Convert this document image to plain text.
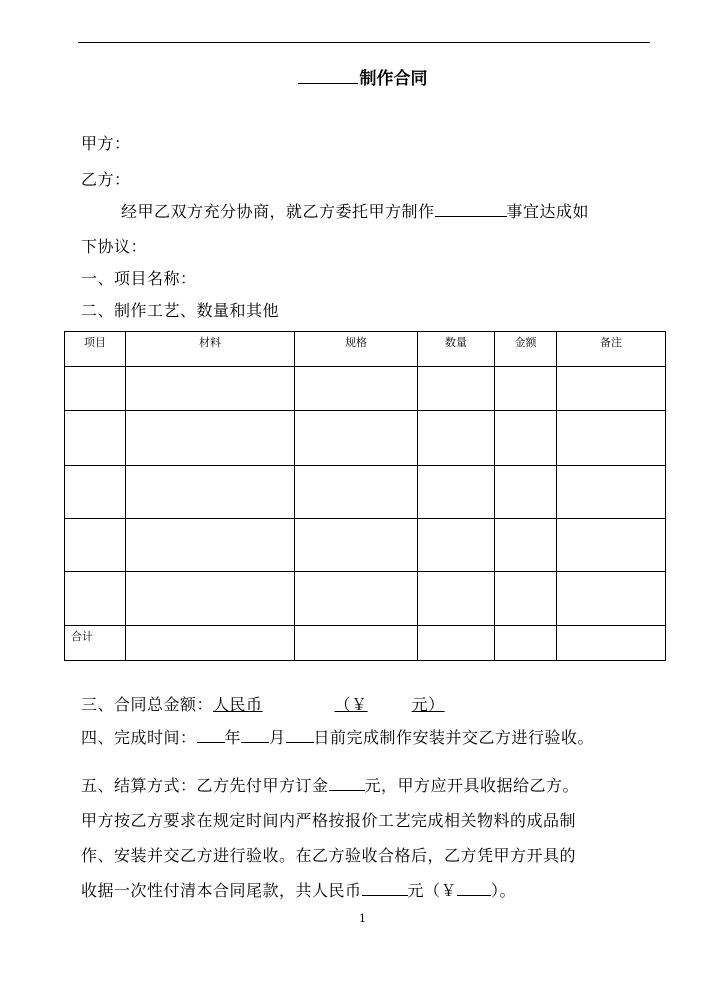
制作合同
甲方：
乙方：
经甲乙双方充分协商，就乙方委托甲方制作	事宜达成如
下协议：
一、项目名称：
二、制作工艺、数量和其他
项目	材料	规格	数量	金额	备注

合计					
三、合同总金额：人民币	（￥	元）
四、完成时间： 年 月 日前完成制作安装并交乙方进行验收。
五、结算方式：乙方先付甲方订金 元，甲方应开具收据给乙方。
甲方按乙方要求在规定时间内严格按报价工艺完成相关物料的成品制
作、安装并交乙方进行验收。在乙方验收合格后，乙方凭甲方开具的
收据一次性付清本合同尾款，共人民币	元（￥ ）。
1
